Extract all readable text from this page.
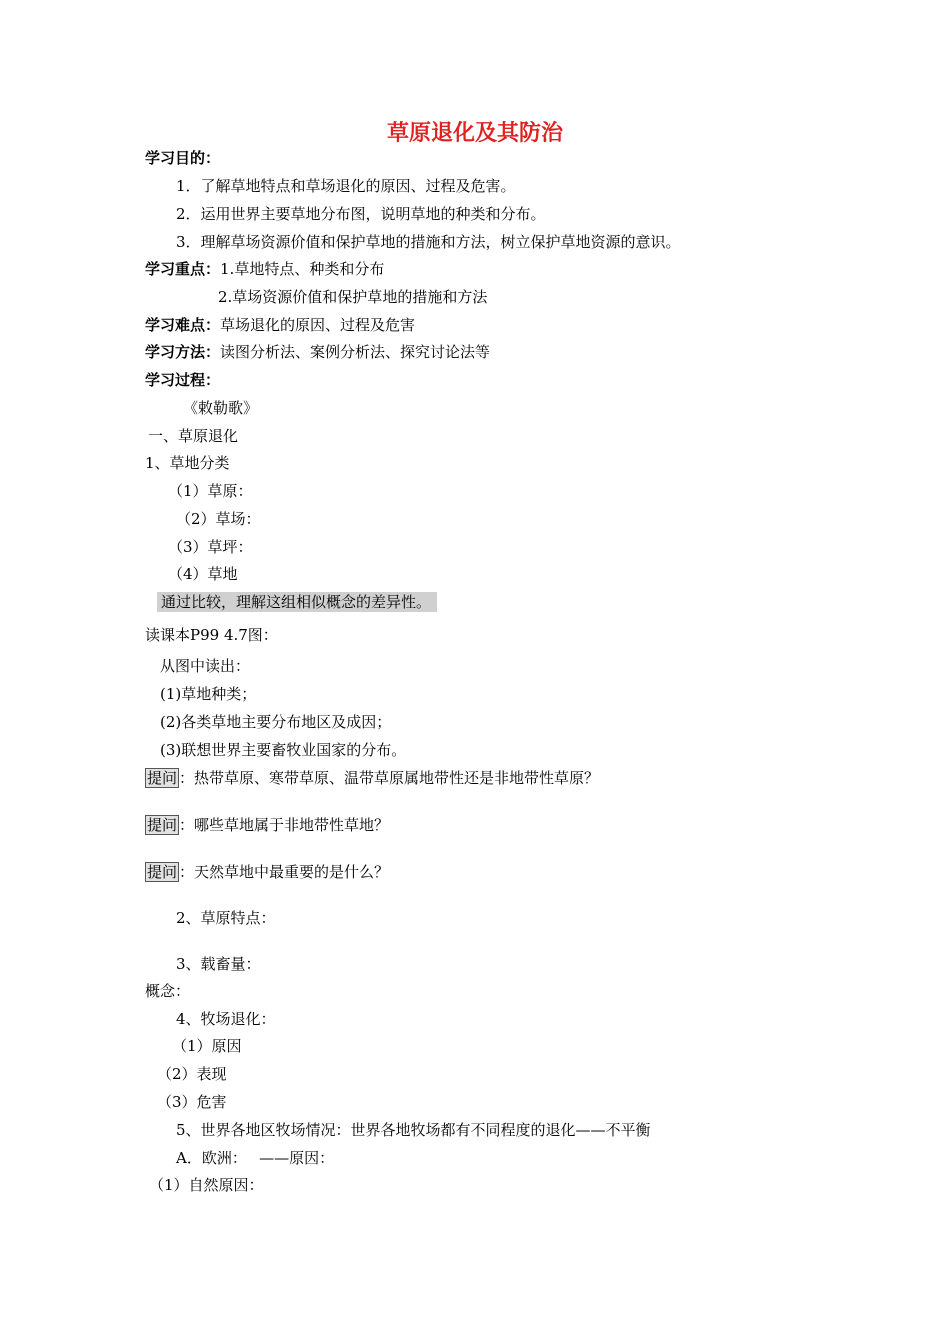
草原退化及其防治
学习目的：
1．了解草地特点和草场退化的原因、过程及危害。
2．运用世界主要草地分布图，说明草地的种类和分布。
3．理解草场资源价值和保护草地的措施和方法，树立保护草地资源的意识。
学习重点：1.草地特点、种类和分布
2.草场资源价值和保护草地的措施和方法
学习难点：草场退化的原因、过程及危害
学习方法：读图分析法、案例分析法、探究讨论法等
学习过程：
《敕勒歌》
一、草原退化
1、草地分类
（1）草原：
（2）草场：
（3）草坪：
（4）草地
通过比较，理解这组相似概念的差异性。
读课本P99 4.7图：
从图中读出：
(1)草地种类；
(2)各类草地主要分布地区及成因；
(3)联想世界主要畜牧业国家的分布。
提问 ：热带草原、寒带草原、温带草原属地带性还是非地带性草原？
提问 ：哪些草地属于非地带性草地？
提问 ：天然草地中最重要的是什么？
2、草原特点：
3、载畜量：
概念：
4、牧场退化：
（1）原因
（2）表现
（3）危害
5、世界各地区牧场情况：世界各地牧场都有不同程度的退化——不平衡
A．欧洲：　 ——原因：
（1）自然原因：
